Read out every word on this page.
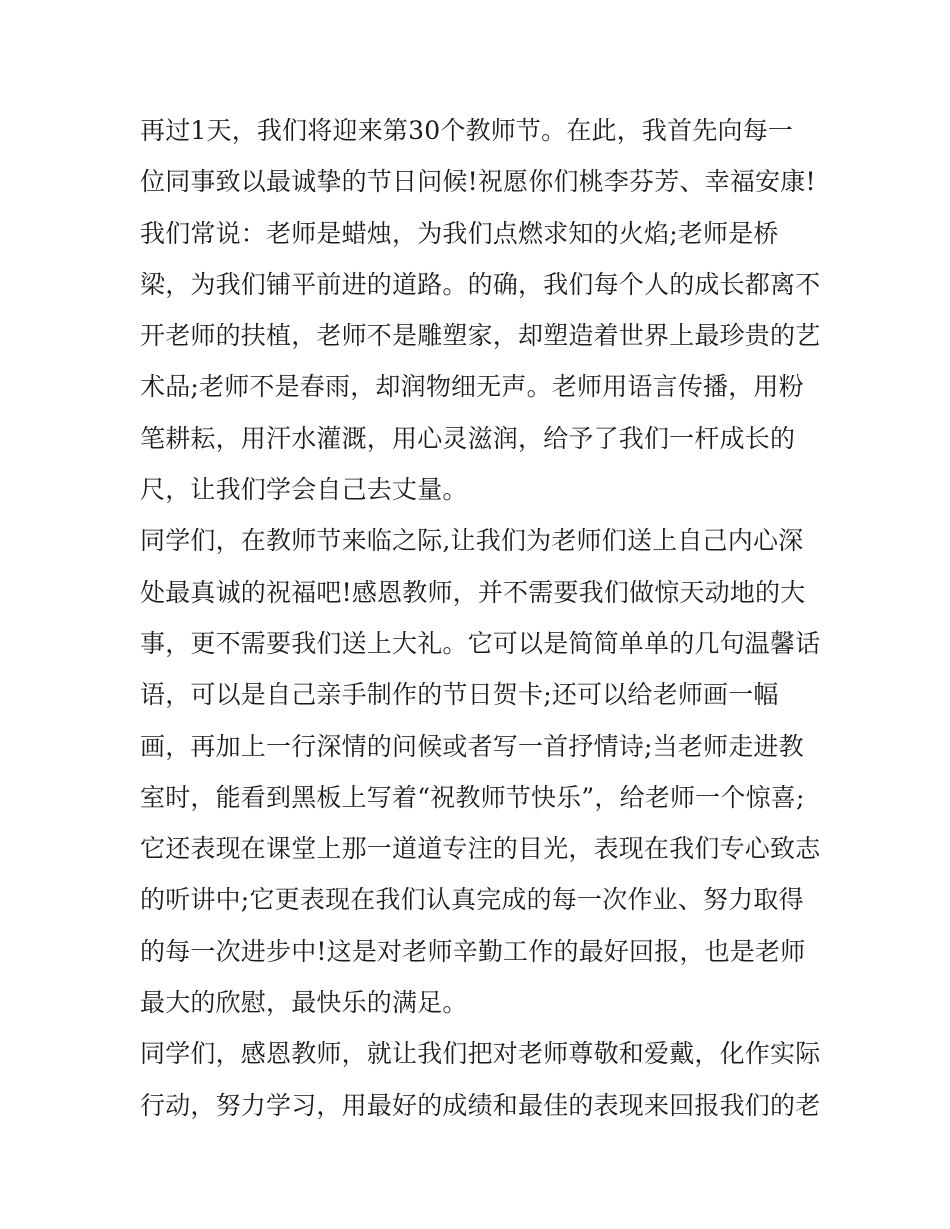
再过1天，我们将迎来第30个教师节。在此，我首先向每一
位同事致以最诚挚的节日问候!祝愿你们桃李芬芳、幸福安康!
我们常说：老师是蜡烛，为我们点燃求知的火焰;老师是桥
梁，为我们铺平前进的道路。的确，我们每个人的成长都离不
开老师的扶植，老师不是雕塑家，却塑造着世界上最珍贵的艺
术品;老师不是春雨，却润物细无声。老师用语言传播，用粉
笔耕耘，用汗水灌溉，用心灵滋润，给予了我们一杆成长的
尺，让我们学会自己去丈量。
同学们，在教师节来临之际,让我们为老师们送上自己内心深
处最真诚的祝福吧!感恩教师，并不需要我们做惊天动地的大
事，更不需要我们送上大礼。它可以是简简单单的几句温馨话
语，可以是自己亲手制作的节日贺卡;还可以给老师画一幅
画，再加上一行深情的问候或者写一首抒情诗;当老师走进教
室时，能看到黑板上写着“祝教师节快乐”，给老师一个惊喜;
它还表现在课堂上那一道道专注的目光，表现在我们专心致志
的听讲中;它更表现在我们认真完成的每一次作业、努力取得
的每一次进步中!这是对老师辛勤工作的最好回报，也是老师
最大的欣慰，最快乐的满足。
同学们，感恩教师，就让我们把对老师尊敬和爱戴，化作实际
行动，努力学习，用最好的成绩和最佳的表现来回报我们的老
